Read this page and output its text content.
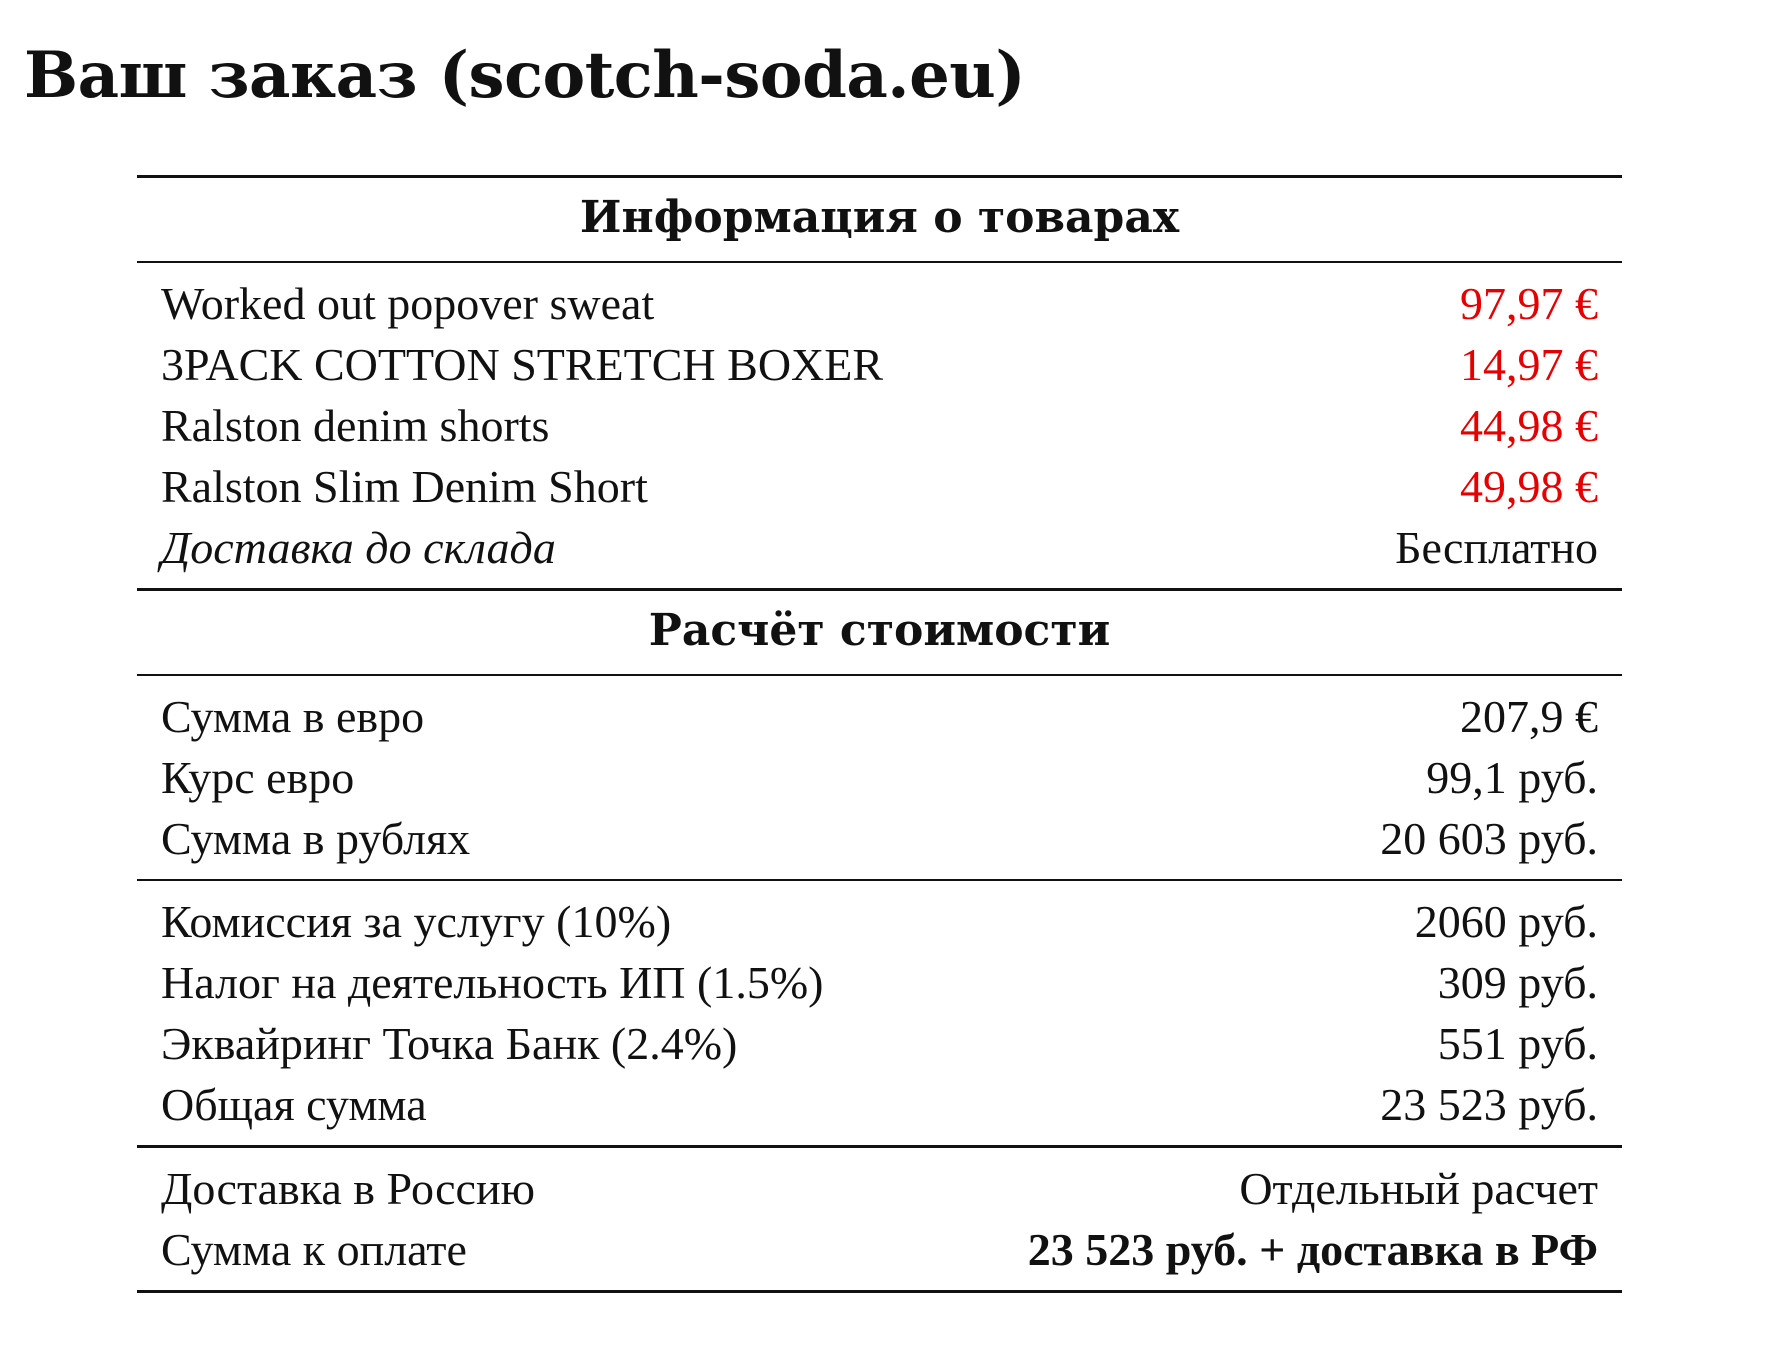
Ваш заказ (scotch-soda.eu)
Информация о товарах
Worked out popover sweat	97,97 €
3PACK COTTON STRETCH BOXER	14,97 €
Ralston denim shorts	44,98 €
Ralston Slim Denim Short	49,98 €
Доставка до склада	Бесплатно
Расчёт стоимости
Сумма в евро	207,9 €
Курс евро	99,1 руб.
Сумма в рублях	20 603 руб.
Комиссия за услугу (10%)	2060 руб.
Налог на деятельность ИП (1.5%)	309 руб.
Эквайринг Точка Банк (2.4%)	551 руб.
Общая сумма	23 523 руб.
Доставка в Россию	Отдельный расчет
Сумма к оплате	23 523 руб. + доставка в РФ
